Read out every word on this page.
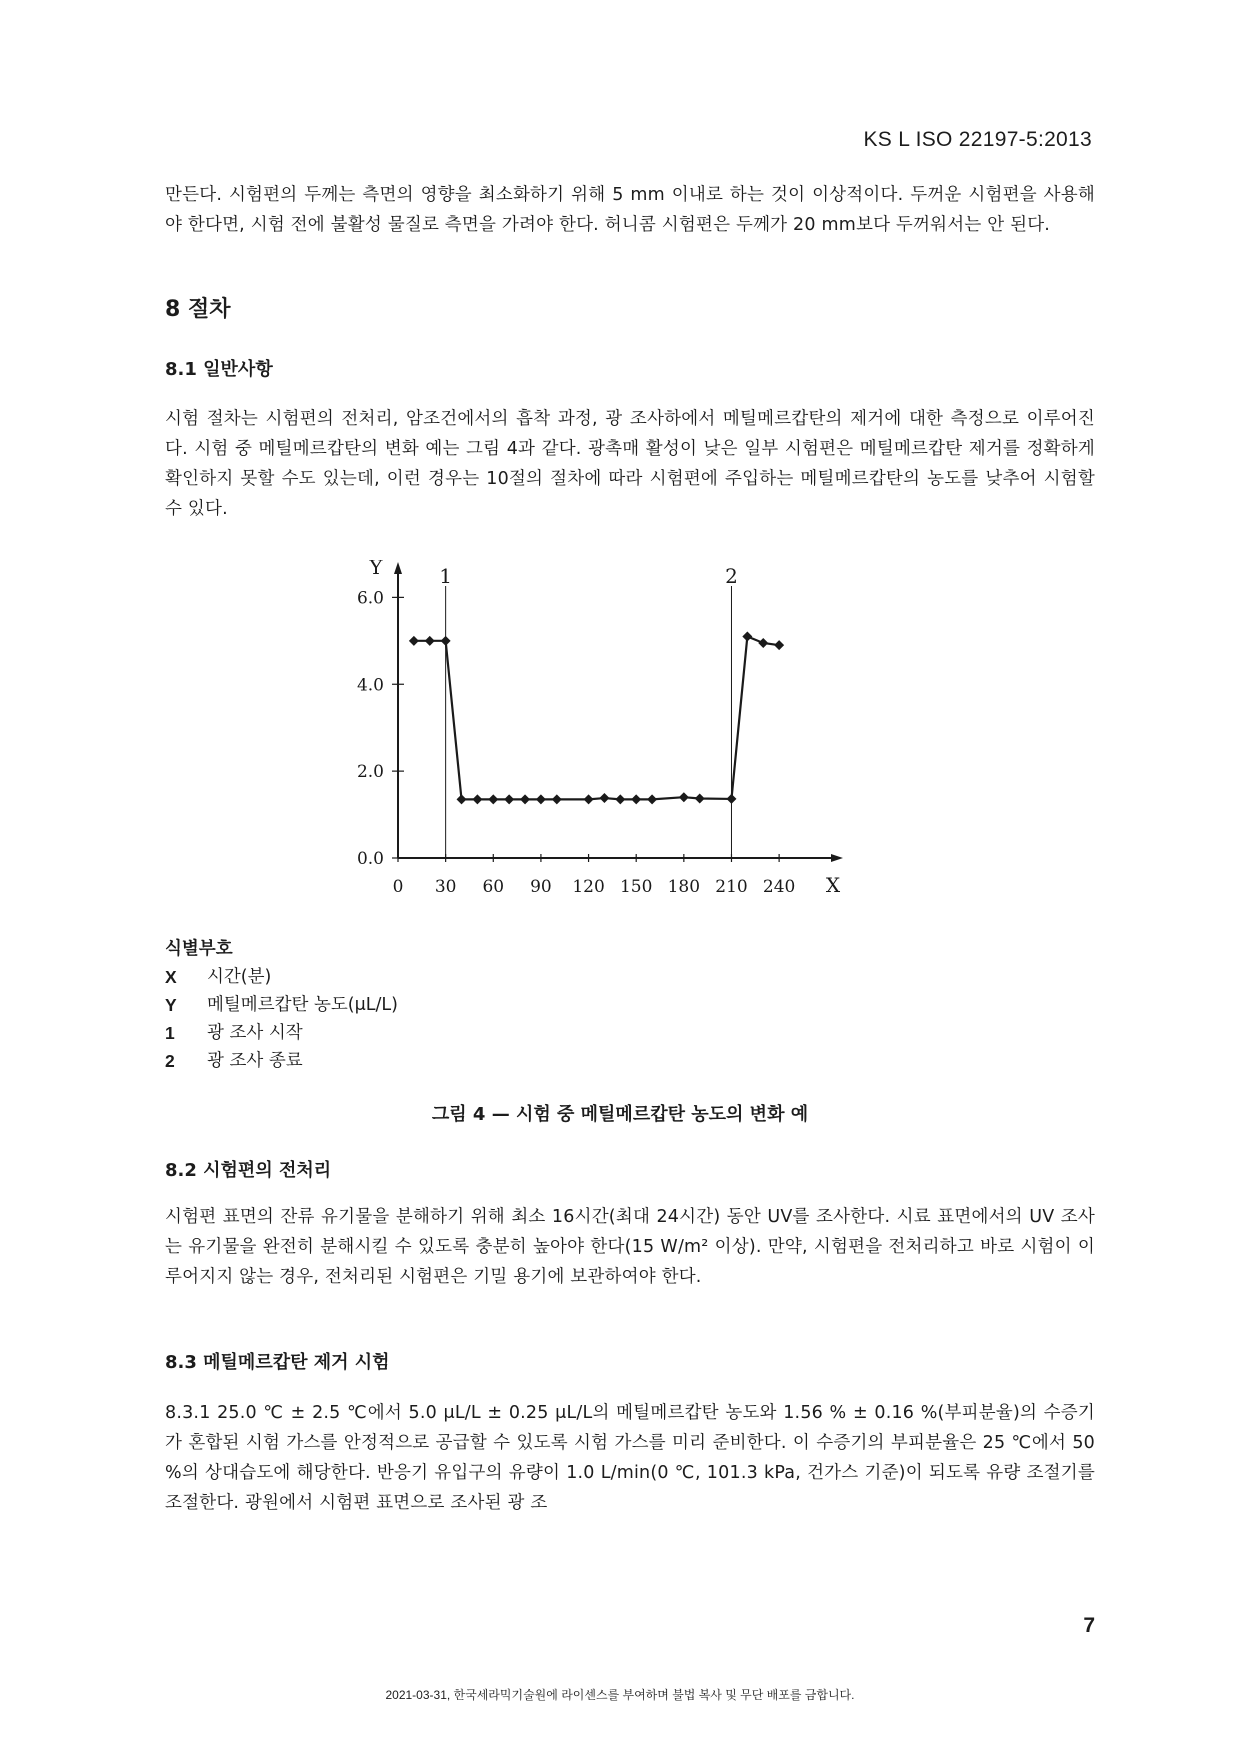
KS L ISO 22197-5:2013
만든다. 시험편의 두께는 측면의 영향을 최소화하기 위해 5 mm 이내로 하는 것이 이상적이다. 두꺼운 시험편을 사용해야 한다면, 시험 전에 불활성 물질로 측면을 가려야 한다. 허니콤 시험편은 두께가 20 mm보다 두꺼워서는 안 된다.
8 절차
8.1 일반사항
시험 절차는 시험편의 전처리, 암조건에서의 흡착 과정, 광 조사하에서 메틸메르캅탄의 제거에 대한 측정으로 이루어진다. 시험 중 메틸메르캅탄의 변화 예는 그림 4과 같다. 광촉매 활성이 낮은 일부 시험편은 메틸메르캅탄 제거를 정확하게 확인하지 못할 수도 있는데, 이런 경우는 10절의 절차에 따라 시험편에 주입하는 메틸메르캅탄의 농도를 낮추어 시험할 수 있다.
0.0
2.0
4.0
6.0
0 30 60 90 120 150 180 210 240 X
Y	1	2
식별부호
X	시간(분)
Y	메틸메르캅탄 농도(μL/L)
1	광 조사 시작
2	광 조사 종료
그림 4 — 시험 중 메틸메르캅탄 농도의 변화 예
8.2 시험편의 전처리
시험편 표면의 잔류 유기물을 분해하기 위해 최소 16시간(최대 24시간) 동안 UV를 조사한다. 시료 표면에서의 UV 조사는 유기물을 완전히 분해시킬 수 있도록 충분히 높아야 한다(15 W/m² 이상). 만약, 시험편을 전처리하고 바로 시험이 이루어지지 않는 경우, 전처리된 시험편은 기밀 용기에 보관하여야 한다.
8.3 메틸메르캅탄 제거 시험
8.3.1 25.0 ℃ ± 2.5 ℃에서 5.0 μL/L ± 0.25 μL/L의 메틸메르캅탄 농도와 1.56 % ± 0.16 %(부피분율)의 수증기가 혼합된 시험 가스를 안정적으로 공급할 수 있도록 시험 가스를 미리 준비한다. 이 수증기의 부피분율은 25 ℃에서 50 %의 상대습도에 해당한다. 반응기 유입구의 유량이 1.0 L/min(0 ℃, 101.3 kPa, 건가스 기준)이 되도록 유량 조절기를 조절한다. 광원에서 시험편 표면으로 조사된 광 조
7
2021-03-31, 한국세라믹기술원에 라이센스를 부여하며 불법 복사 및 무단 배포를 금합니다.
